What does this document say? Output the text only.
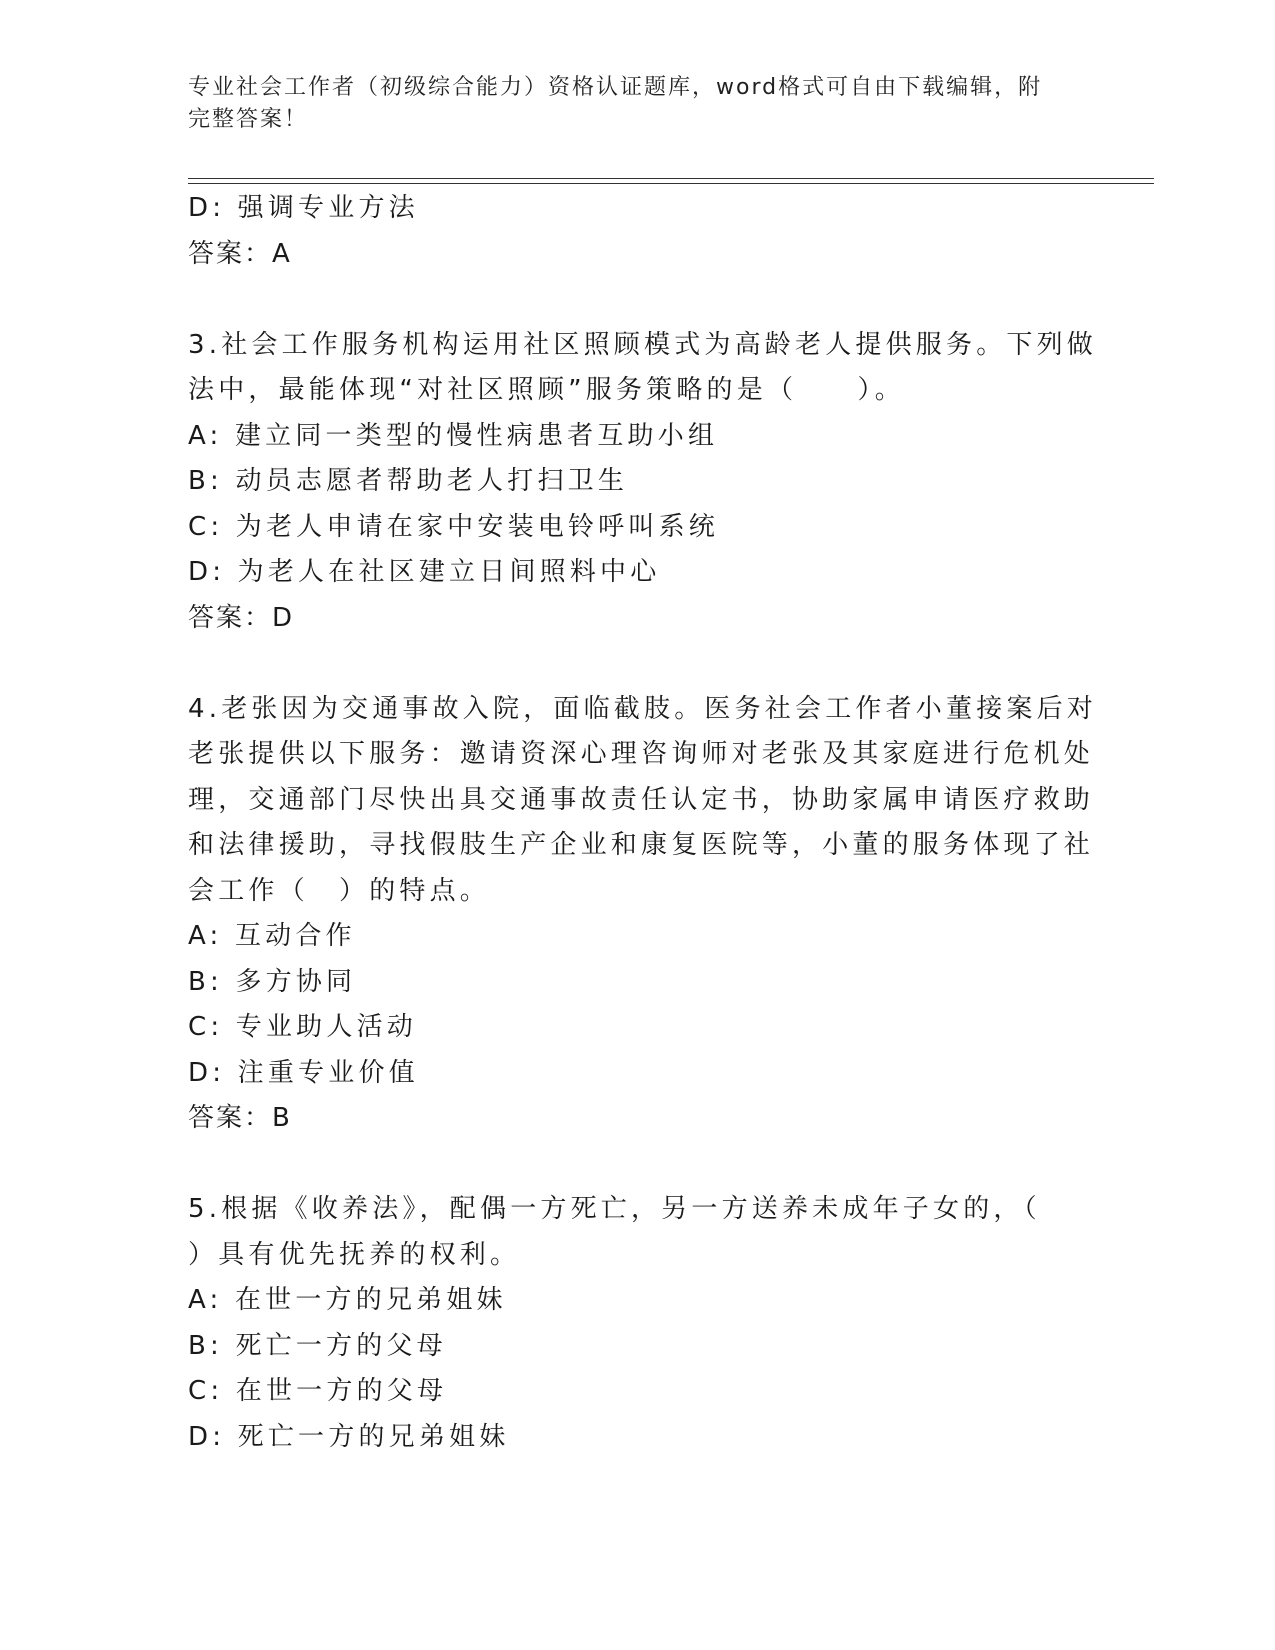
专业社会工作者（初级综合能力）资格认证题库，word格式可自由下载编辑，附
完整答案！
D: 强调专业方法
答案：A
3.社会工作服务机构运用社区照顾模式为高龄老人提供服务。下列做
法中，最能体现“对社区照顾”服务策略的是（　　）。
A: 建立同一类型的慢性病患者互助小组
B: 动员志愿者帮助老人打扫卫生
C: 为老人申请在家中安装电铃呼叫系统
D: 为老人在社区建立日间照料中心
答案：D
4.老张因为交通事故入院，面临截肢。医务社会工作者小董接案后对
老张提供以下服务：邀请资深心理咨询师对老张及其家庭进行危机处
理，交通部门尽快出具交通事故责任认定书，协助家属申请医疗救助
和法律援助，寻找假肢生产企业和康复医院等，小董的服务体现了社
会工作（　）的特点。
A: 互动合作
B: 多方协同
C: 专业助人活动
D: 注重专业价值
答案：B
5.根据《收养法》，配偶一方死亡，另一方送养未成年子女的，（
）具有优先抚养的权利。
A: 在世一方的兄弟姐妹
B: 死亡一方的父母
C: 在世一方的父母
D: 死亡一方的兄弟姐妹
